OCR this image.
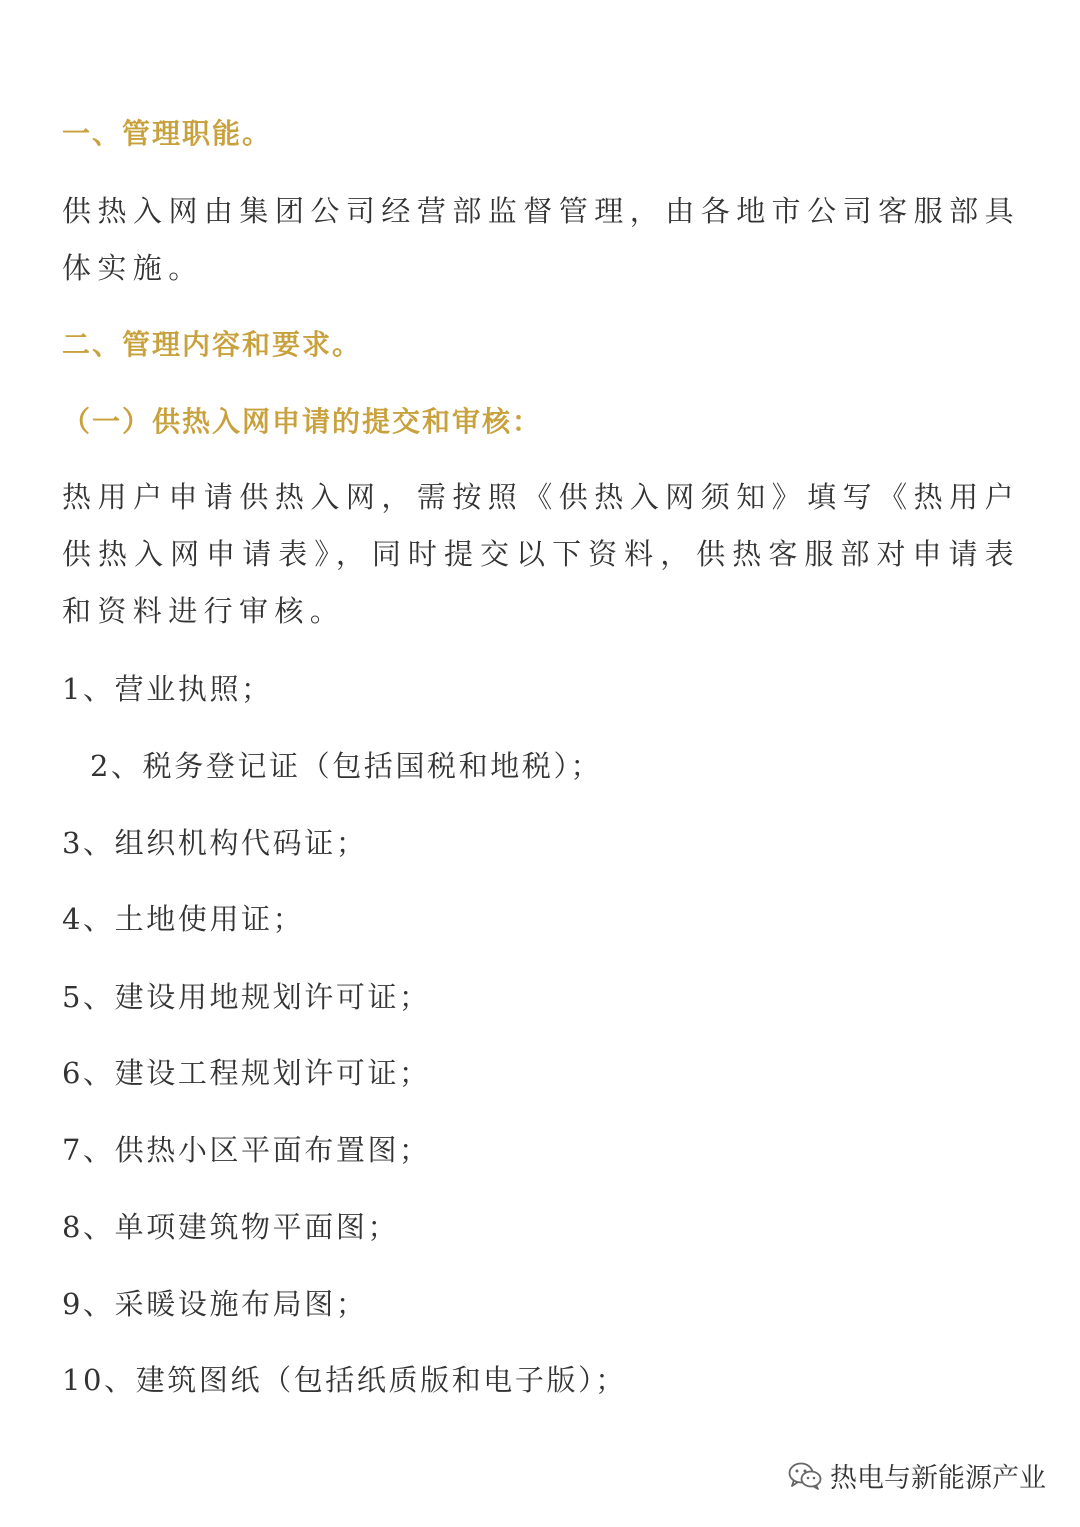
一、管理职能。

供热入网由集团公司经营部监督管理，由各地市公司客服部具体实施。

二、管理内容和要求。
（一）供热入网申请的提交和审核：

热用户申请供热入网，需按照《供热入网须知》填写《热用户供热入网申请表》，同时提交以下资料，供热客服部对申请表和资料进行审核。

1、营业执照；

2、税务登记证（包括国税和地税）；

3、组织机构代码证；

4、土地使用证；

5、建设用地规划许可证；

6、建设工程规划许可证；

7、供热小区平面布置图；

8、单项建筑物平面图；

9、采暖设施布局图；

10、建筑图纸（包括纸质版和电子版）；

热电与新能源产业
